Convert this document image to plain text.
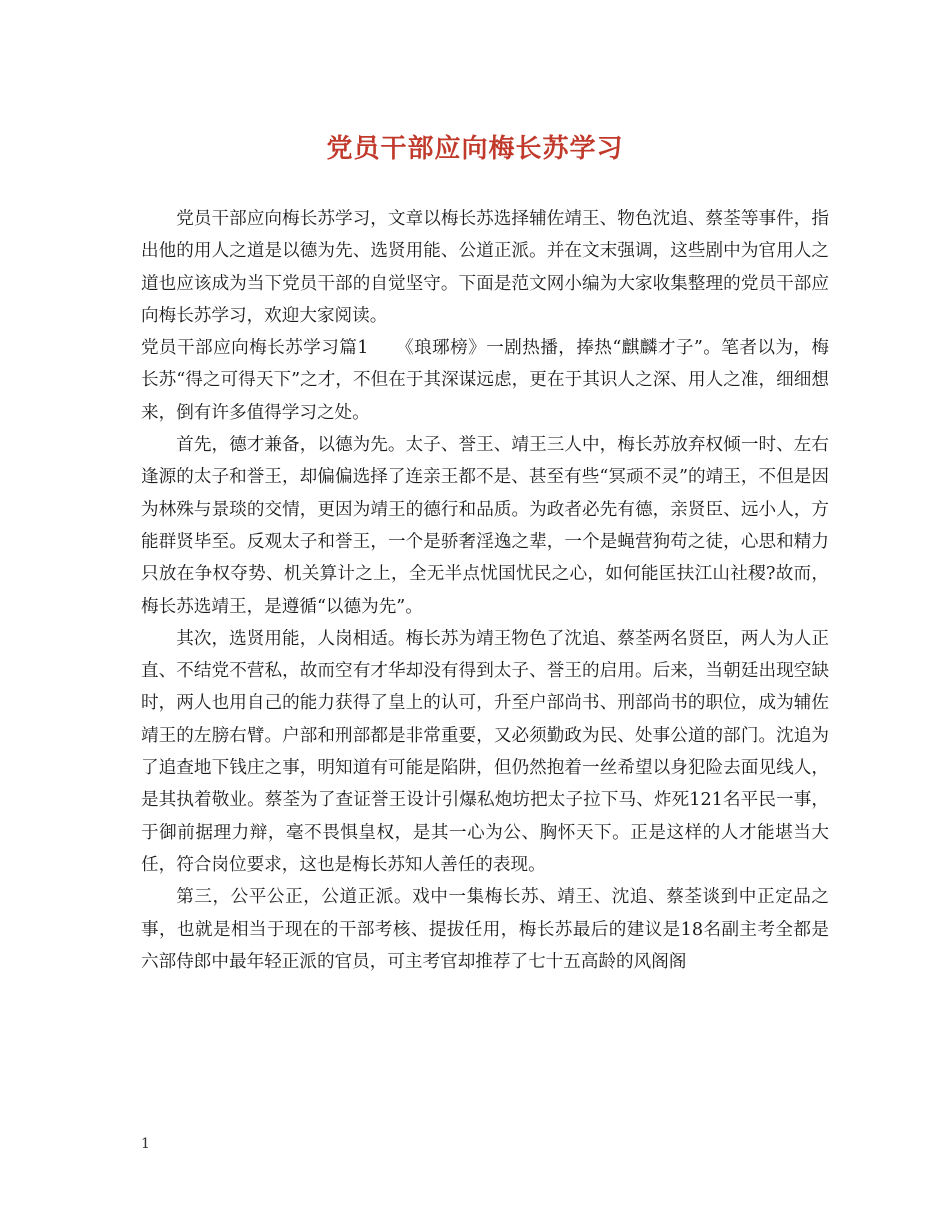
党员干部应向梅长苏学习

党员干部应向梅长苏学习，文章以梅长苏选择辅佐靖王、物色沈追、蔡荃等事件，指出他的用人之道是以德为先、选贤用能、公道正派。并在文末强调，这些剧中为官用人之道也应该成为当下党员干部的自觉坚守。下面是范文网小编为大家收集整理的党员干部应向梅长苏学习，欢迎大家阅读。

党员干部应向梅长苏学习篇1　　《琅琊榜》一剧热播，捧热“麒麟才子”。笔者以为，梅长苏“得之可得天下”之才，不但在于其深谋远虑，更在于其识人之深、用人之准，细细想来，倒有许多值得学习之处。

首先，德才兼备，以德为先。太子、誉王、靖王三人中，梅长苏放弃权倾一时、左右逢源的太子和誉王，却偏偏选择了连亲王都不是、甚至有些“冥顽不灵”的靖王，不但是因为林殊与景琰的交情，更因为靖王的德行和品质。为政者必先有德，亲贤臣、远小人，方能群贤毕至。反观太子和誉王，一个是骄奢淫逸之辈，一个是蝇营狗苟之徒，心思和精力只放在争权夺势、机关算计之上，全无半点忧国忧民之心，如何能匡扶江山社稷?故而，梅长苏选靖王，是遵循“以德为先”。

其次，选贤用能，人岗相适。梅长苏为靖王物色了沈追、蔡荃两名贤臣，两人为人正直、不结党不营私，故而空有才华却没有得到太子、誉王的启用。后来，当朝廷出现空缺时，两人也用自己的能力获得了皇上的认可，升至户部尚书、刑部尚书的职位，成为辅佐靖王的左膀右臂。户部和刑部都是非常重要，又必须勤政为民、处事公道的部门。沈追为了追查地下钱庄之事，明知道有可能是陷阱，但仍然抱着一丝希望以身犯险去面见线人，是其执着敬业。蔡荃为了查证誉王设计引爆私炮坊把太子拉下马、炸死121名平民一事，于御前据理力辩，毫不畏惧皇权，是其一心为公、胸怀天下。正是这样的人才能堪当大任，符合岗位要求，这也是梅长苏知人善任的表现。

第三，公平公正，公道正派。戏中一集梅长苏、靖王、沈追、蔡荃谈到中正定品之事，也就是相当于现在的干部考核、提拔任用，梅长苏最后的建议是18名副主考全都是六部侍郎中最年轻正派的官员，可主考官却推荐了七十五高龄的风阁阁

1
